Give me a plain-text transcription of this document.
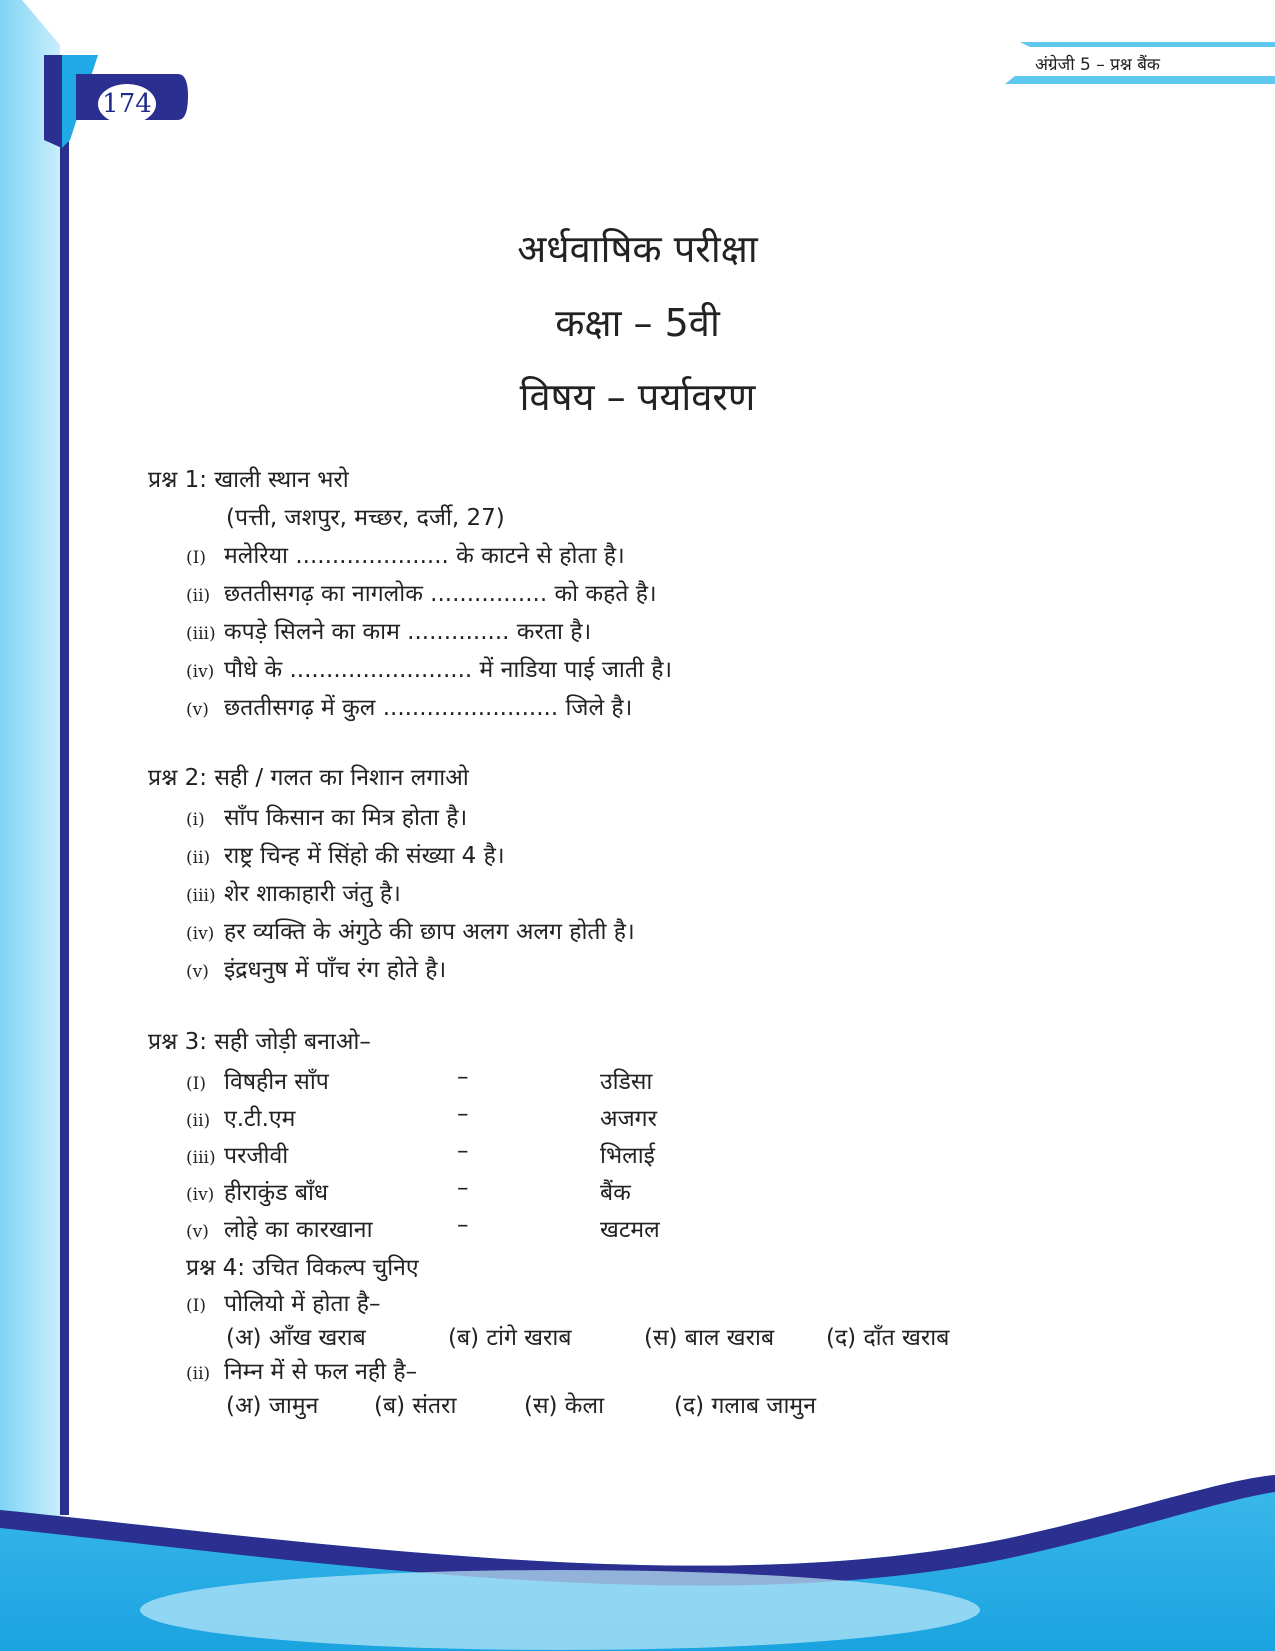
174
अंग्रेजी 5 – प्रश्न बैंक
अर्धवाषिक परीक्षा
कक्षा – 5वी
विषय – पर्यावरण
प्रश्न 1: खाली स्थान भरो
(पत्ती, जशपुर, मच्छर, दर्जी, 27)
(I) मलेरिया ..................... के काटने से होता है।
(ii) छततीसगढ़ का नागलोक ................ को कहते है।
(iii) कपड़े सिलने का काम .............. करता है।
(iv) पौधे के ......................... में नाडिया पाई जाती है।
(v) छततीसगढ़ में कुल ........................ जिले है।
प्रश्न 2: सही / गलत का निशान लगाओ
(i) साँप किसान का मित्र होता है।
(ii) राष्ट्र चिन्ह में सिंहो की संख्या 4 है।
(iii) शेर शाकाहारी जंतु है।
(iv) हर व्यक्ति के अंगुठे की छाप अलग अलग होती है।
(v) इंद्रधनुष में पाँच रंग होते है।
प्रश्न 3: सही जोड़ी बनाओ–
(I) विषहीन साँप	–	उडिसा
(ii) ए.टी.एम	–	अजगर
(iii) परजीवी	–	भिलाई
(iv) हीराकुंड बाँध	–	बैंक
(v) लोहे का कारखाना	–	खटमल
प्रश्न 4: उचित विकल्प चुनिए
(I) पोलियो में होता है–
(अ) आँख खराब	(ब) टांगे खराब	(स) बाल खराब (द) दाँत खराब
(ii) निम्न में से फल नही है–
(अ) जामुन (ब) संतरा	(स) केला	(द) गलाब जामुन
